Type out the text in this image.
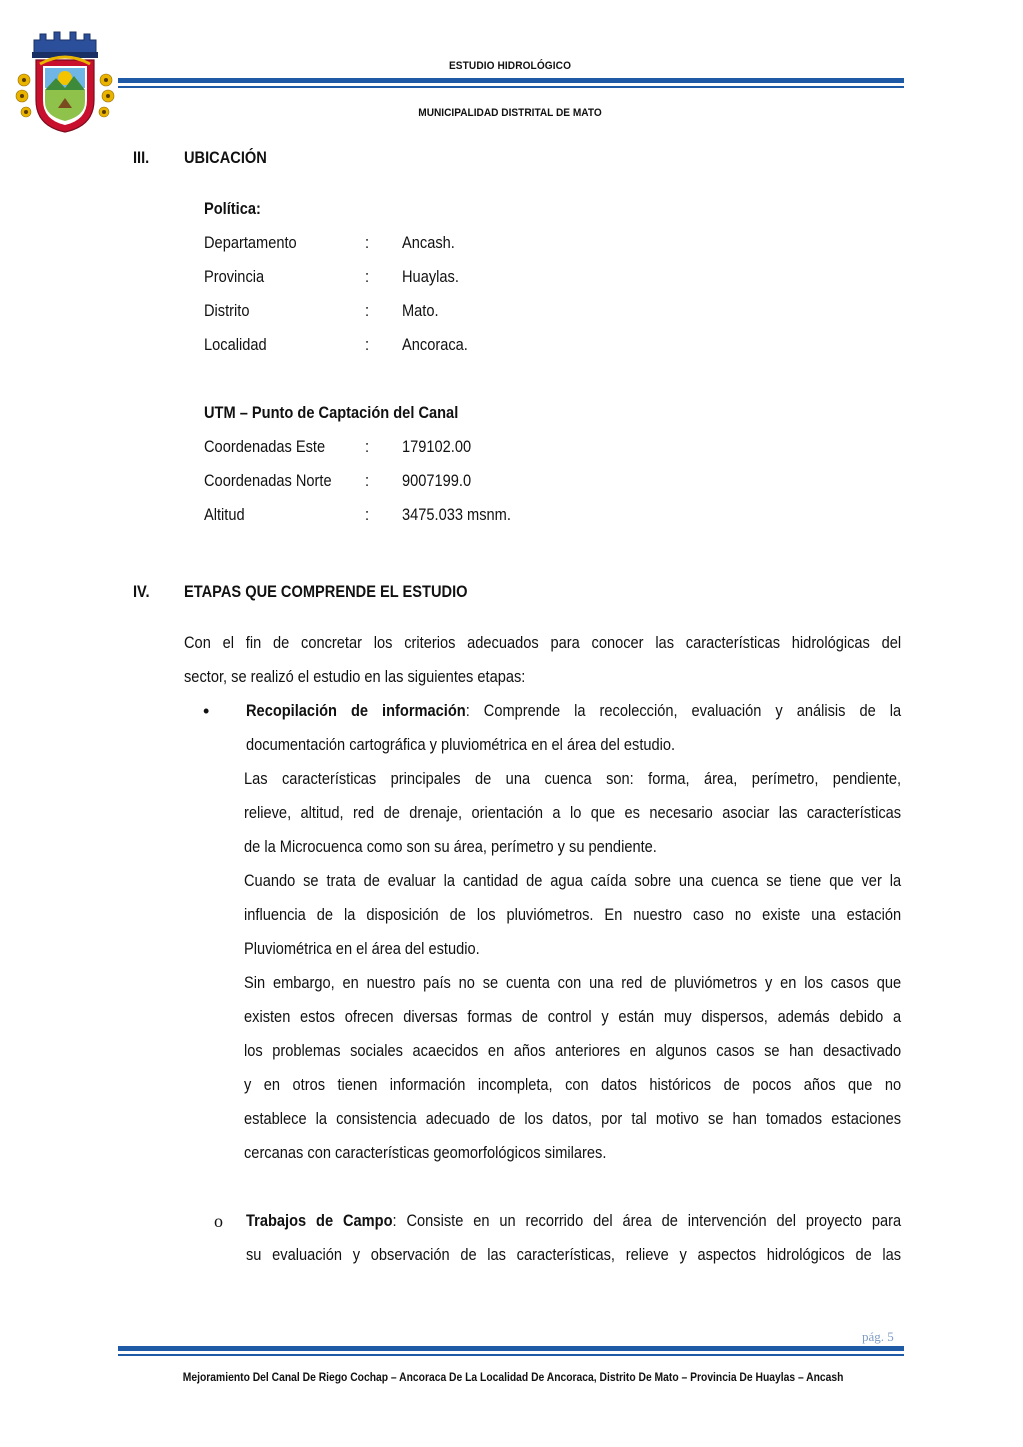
ESTUDIO HIDROLÓGICO
MUNICIPALIDAD DISTRITAL DE MATO
III. UBICACIÓN
Política:
Departamento	: Ancash.
Provincia	: Huaylas.
Distrito	: Mato.
Localidad	: Ancoraca.
UTM – Punto de Captación del Canal
Coordenadas Este : 179102.00
Coordenadas Norte : 9007199.0
Altitud	: 3475.033 msnm.
IV. ETAPAS QUE COMPRENDE EL ESTUDIO
Con el fin de concretar los criterios adecuados para conocer las características hidrológicas del
sector, se realizó el estudio en las siguientes etapas:
• Recopilación de información: Comprende la recolección, evaluación y análisis de la
documentación cartográfica y pluviométrica en el área del estudio.
Las características principales de una cuenca son: forma, área, perímetro, pendiente,
relieve, altitud, red de drenaje, orientación a lo que es necesario asociar las características
de la Microcuenca como son su área, perímetro y su pendiente.
Cuando se trata de evaluar la cantidad de agua caída sobre una cuenca se tiene que ver la
influencia de la disposición de los pluviómetros. En nuestro caso no existe una estación
Pluviométrica en el área del estudio.
Sin embargo, en nuestro país no se cuenta con una red de pluviómetros y en los casos que
existen estos ofrecen diversas formas de control y están muy dispersos, además debido a
los problemas sociales acaecidos en años anteriores en algunos casos se han desactivado
y en otros tienen información incompleta, con datos históricos de pocos años que no
establece la consistencia adecuado de los datos, por tal motivo se han tomados estaciones
cercanas con características geomorfológicos similares.
o Trabajos de Campo: Consiste en un recorrido del área de intervención del proyecto para
su evaluación y observación de las características, relieve y aspectos hidrológicos de las
pág. 5
Mejoramiento Del Canal De Riego Cochap – Ancoraca De La Localidad De Ancoraca, Distrito De Mato – Provincia De Huaylas – Ancash
